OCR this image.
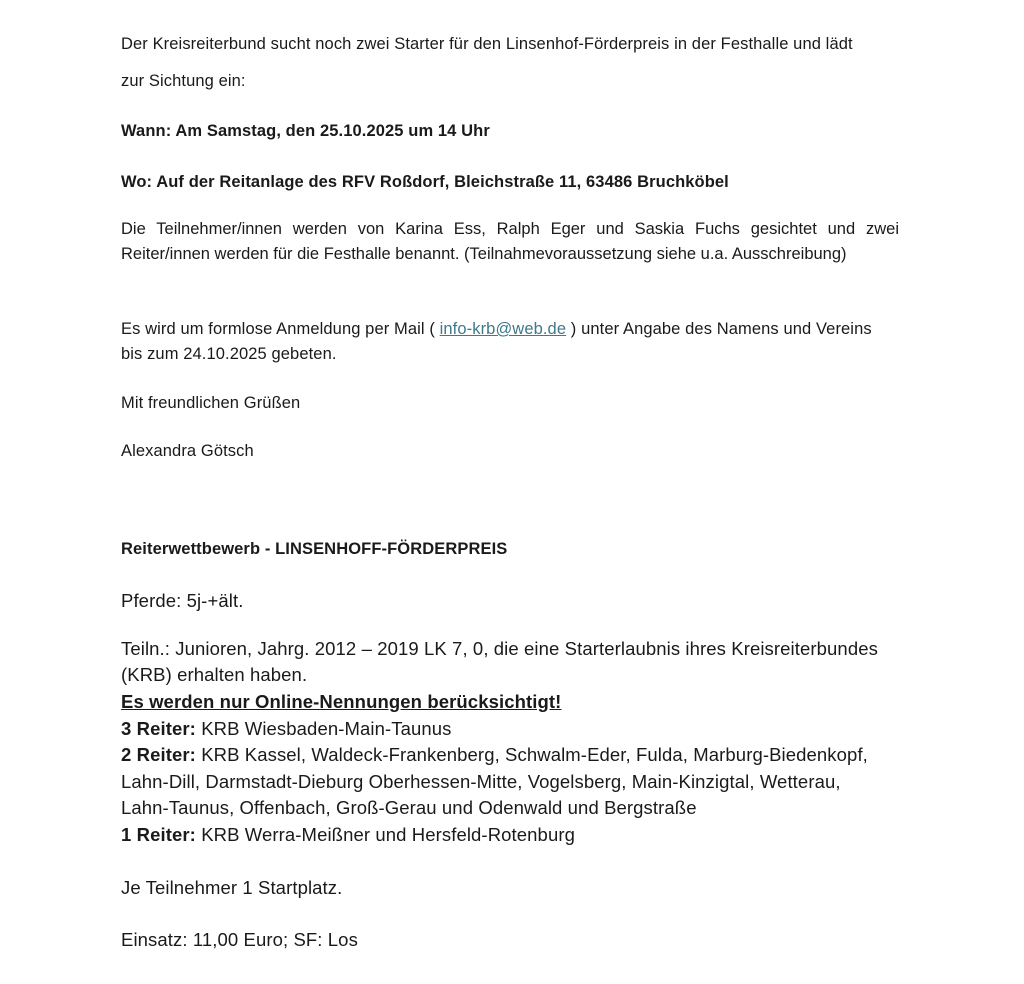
Der Kreisreiterbund sucht noch zwei Starter für den Linsenhof-Förderpreis in der Festhalle und lädt
zur Sichtung ein:
Wann: Am Samstag, den 25.10.2025 um 14 Uhr
Wo: Auf der Reitanlage des RFV Roßdorf, Bleichstraße 11, 63486 Bruchköbel
Die Teilnehmer/innen werden von Karina Ess, Ralph Eger und Saskia Fuchs gesichtet und zwei Reiter/innen werden für die Festhalle benannt. (Teilnahmevoraussetzung siehe u.a. Ausschreibung)
Es wird um formlose Anmeldung per Mail ( info-krb@web.de ) unter Angabe des Namens und Vereins
bis zum 24.10.2025 gebeten.
Mit freundlichen Grüßen
Alexandra Götsch
Reiterwettbewerb - LINSENHOFF-FÖRDERPREIS
Pferde: 5j-+ält.
Teiln.: Junioren, Jahrg. 2012 – 2019 LK 7, 0, die eine Starterlaubnis ihres Kreisreiterbundes
(KRB) erhalten haben.
Es werden nur Online-Nennungen berücksichtigt!
3 Reiter: KRB Wiesbaden-Main-Taunus
2 Reiter: KRB Kassel, Waldeck-Frankenberg, Schwalm-Eder, Fulda, Marburg-Biedenkopf,
Lahn-Dill, Darmstadt-Dieburg Oberhessen-Mitte, Vogelsberg, Main-Kinzigtal, Wetterau,
Lahn-Taunus, Offenbach, Groß-Gerau und Odenwald und Bergstraße
1 Reiter: KRB Werra-Meißner und Hersfeld-Rotenburg
Je Teilnehmer 1 Startplatz.
Einsatz: 11,00 Euro; SF: Los
